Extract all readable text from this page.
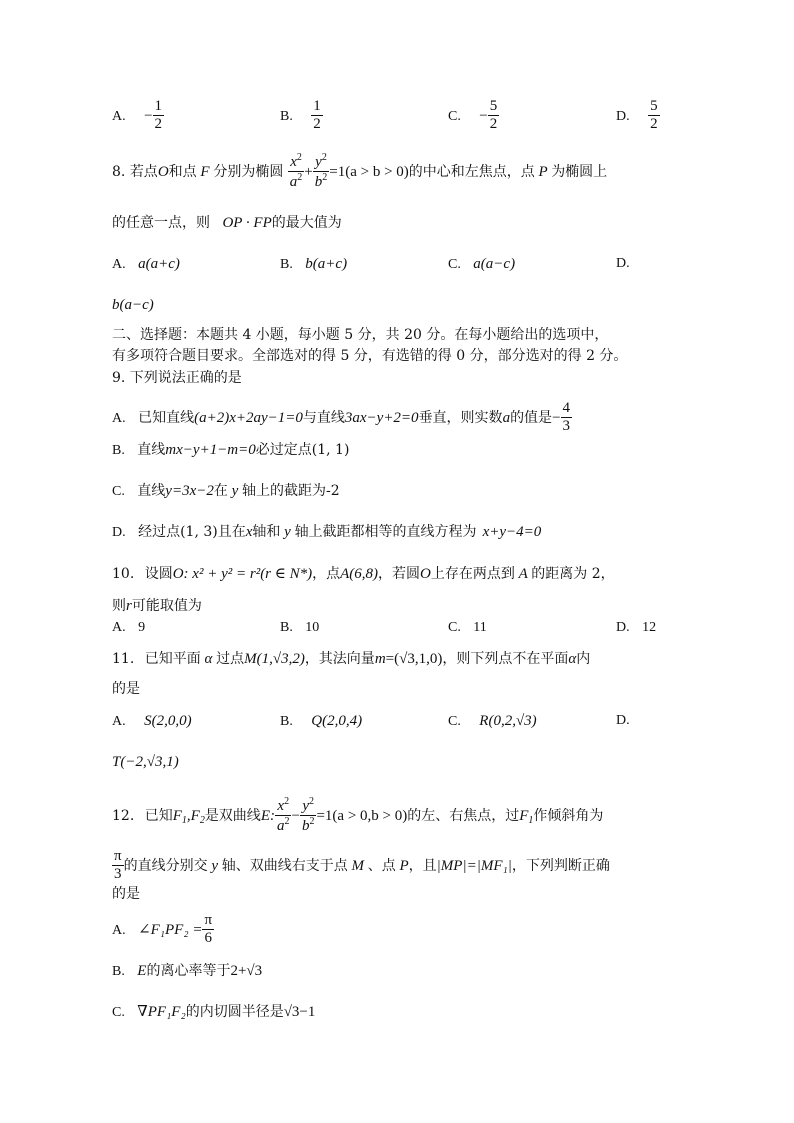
A. − $\frac{1}{2}$	B. $\frac{1}{2}$	C. − $\frac{5}{2}$	D. $\frac{5}{2}$
8. 若点O和点 F 分别为椭圆 $\frac{x^2}{a^2} + \frac{y^2}{b^2} =1(a > b > 0)$的中心和左焦点，点 P 为椭圆上
的任意一点，则 OP · FP的最大值为
A. a(a+c)	B. b(a+c)	C. a(a−c)	D.
b(a−c)
二、选择题：本题共 4 小题，每小题 5 分，共 20 分。在每小题给出的选项中，
有多项符合题目要求。全部选对的得 5 分，有选错的得 0 分，部分选对的得 2 分。
9. 下列说法正确的是
A. 已知直线(a+2)x+2ay−1=0与直线3ax−y+2=0垂直，则实数a的值是− $\frac{4}{3}$
B. 直线mx−y+1−m=0必过定点(1, 1)
C. 直线y=3x−2在 y 轴上的截距为-2
D. 经过点(1, 3)且在x轴和 y 轴上截距都相等的直线方程为 x+y−4=0
10. 设圆O: x² + y² = r²(r ∈ N*)，点A(6,8)，若圆O上存在两点到 A 的距离为 2，
则r可能取值为
A. 9	B. 10	C. 11	D. 12
11. 已知平面 α 过点M(1,√3,2)，其法向量m=(√3,1,0)，则下列点不在平面α内
的是
A. S(2,0,0)	B. Q(2,0,4)	C. R(0,2,√3)	D.
T(−2,√3,1)
12. 已知$F_1,F_2$是双曲线E: $\frac{x^2}{a^2} - \frac{y^2}{b^2} =1(a > 0,b > 0)$的左、右焦点，过$F_1$作倾斜角为
$\frac{\pi}{3}$ 的直线分别交 y 轴、双曲线右支于点 M 、点 P，且|MP|=|MF₁|，下列判断正确
的是
A. ∠F₁PF₂ = $\frac{\pi}{6}$
B. E的离心率等于2+√3
C. ∇PF₁F₂的内切圆半径是√3−1
